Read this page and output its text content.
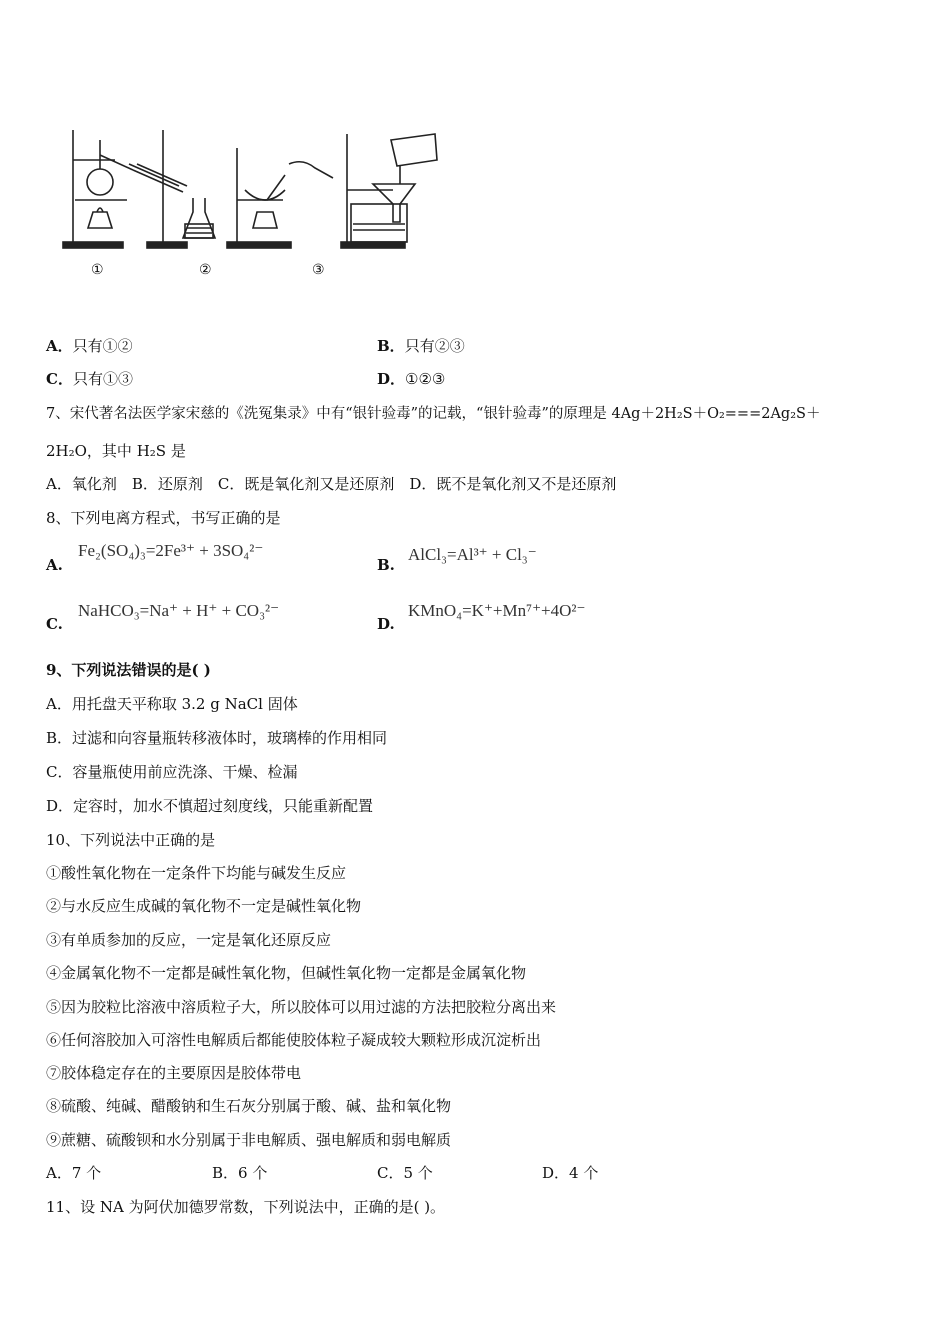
①	②	③
A．只有①②	B．只有②③
C．只有①③	D．①②③
7、宋代著名法医学家宋慈的《洗冤集录》中有“银针验毒”的记载，“银针验毒”的原理是 4Ag＋2H₂S＋O₂===2Ag₂S＋
2H₂O，其中 H₂S 是
A．氧化剂　B．还原剂　C．既是氧化剂又是还原剂　D．既不是氧化剂又不是还原剂
8、下列电离方程式，书写正确的是
A.
Fe₂(SO₄)₃=2Fe³⁺ + 3SO₄²⁻
B.
AlCl₃=Al³⁺ + Cl₃⁻
C.
NaHCO₃=Na⁺ + H⁺ + CO₃²⁻
D.
KMnO₄=K⁺+Mn⁷⁺+4O²⁻
9、下列说法错误的是( )
A．用托盘天平称取 3.2 g NaCl 固体
B．过滤和向容量瓶转移液体时，玻璃棒的作用相同
C．容量瓶使用前应洗涤、干燥、检漏
D．定容时，加水不慎超过刻度线，只能重新配置
10、下列说法中正确的是
①酸性氧化物在一定条件下均能与碱发生反应
②与水反应生成碱的氧化物不一定是碱性氧化物
③有单质参加的反应，一定是氧化还原反应
④金属氧化物不一定都是碱性氧化物，但碱性氧化物一定都是金属氧化物
⑤因为胶粒比溶液中溶质粒子大，所以胶体可以用过滤的方法把胶粒分离出来
⑥任何溶胶加入可溶性电解质后都能使胶体粒子凝成较大颗粒形成沉淀析出
⑦胶体稳定存在的主要原因是胶体带电
⑧硫酸、纯碱、醋酸钠和生石灰分别属于酸、碱、盐和氧化物
⑨蔗糖、硫酸钡和水分别属于非电解质、强电解质和弱电解质
A．7 个	B．6 个	C．5 个	D．4 个
11、设 NA 为阿伏加德罗常数，下列说法中，正确的是( )。
